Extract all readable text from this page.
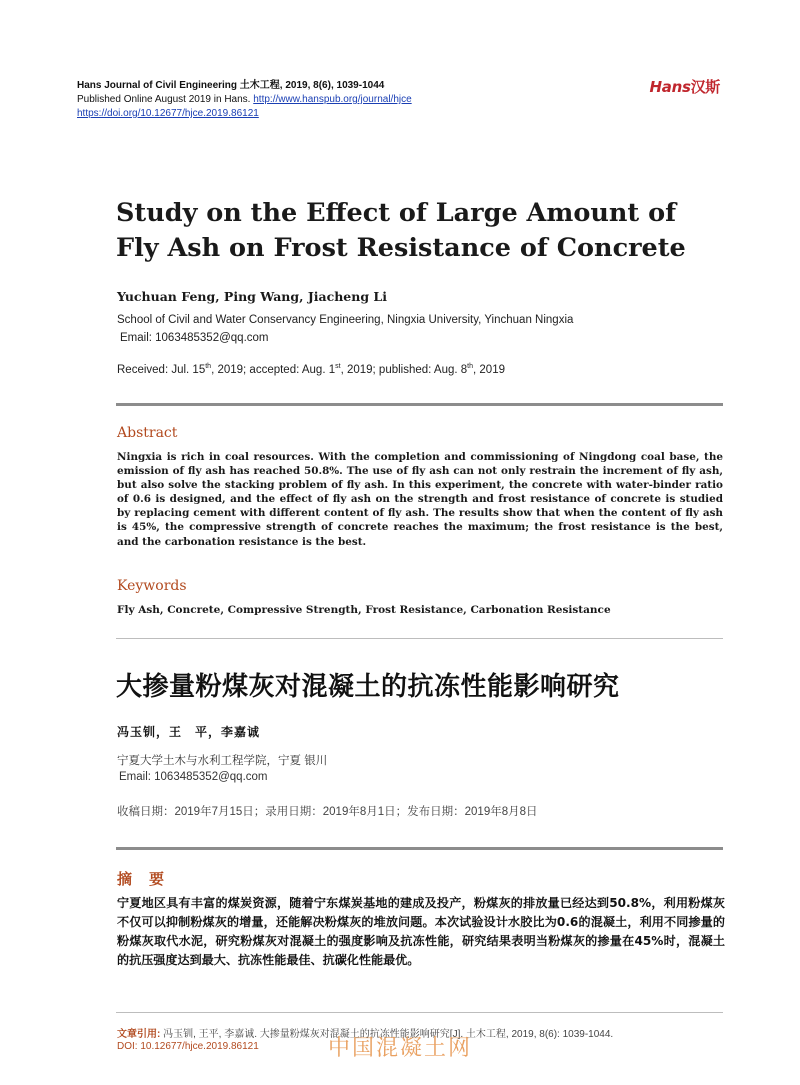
Hans Journal of Civil Engineering 土木工程, 2019, 8(6), 1039-1044
Published Online August 2019 in Hans. http://www.hanspub.org/journal/hjce
https://doi.org/10.12677/hjce.2019.86121
Hans汉斯
Study on the Effect of Large Amount of Fly Ash on Frost Resistance of Concrete
Yuchuan Feng, Ping Wang, Jiacheng Li
School of Civil and Water Conservancy Engineering, Ningxia University, Yinchuan Ningxia
Email: 1063485352@qq.com
Received: Jul. 15th, 2019; accepted: Aug. 1st, 2019; published: Aug. 8th, 2019
Abstract
Ningxia is rich in coal resources. With the completion and commissioning of Ningdong coal base, the emission of fly ash has reached 50.8%. The use of fly ash can not only restrain the increment of fly ash, but also solve the stacking problem of fly ash. In this experiment, the concrete with water-binder ratio of 0.6 is designed, and the effect of fly ash on the strength and frost resistance of concrete is studied by replacing cement with different content of fly ash. The results show that when the content of fly ash is 45%, the compressive strength of concrete reaches the maximum; the frost resistance is the best, and the carbonation resistance is the best.
Keywords
Fly Ash, Concrete, Compressive Strength, Frost Resistance, Carbonation Resistance
大掺量粉煤灰对混凝土的抗冻性能影响研究
冯玉钏，王　平，李嘉诚
宁夏大学土木与水利工程学院，宁夏 银川
Email: 1063485352@qq.com
收稿日期：2019年7月15日；录用日期：2019年8月1日；发布日期：2019年8月8日
摘　要
宁夏地区具有丰富的煤炭资源，随着宁东煤炭基地的建成及投产，粉煤灰的排放量已经达到50.8%，利用粉煤灰不仅可以抑制粉煤灰的增量，还能解决粉煤灰的堆放问题。本次试验设计水胶比为0.6的混凝土，利用不同掺量的粉煤灰取代水泥，研究粉煤灰对混凝土的强度影响及抗冻性能，研究结果表明当粉煤灰的掺量在45%时，混凝土的抗压强度达到最大、抗冻性能最佳、抗碳化性能最优。
文章引用: 冯玉钏, 王平, 李嘉诚. 大掺量粉煤灰对混凝土的抗冻性能影响研究[J]. 土木工程, 2019, 8(6): 1039-1044.
DOI: 10.12677/hjce.2019.86121	中国混凝土网
